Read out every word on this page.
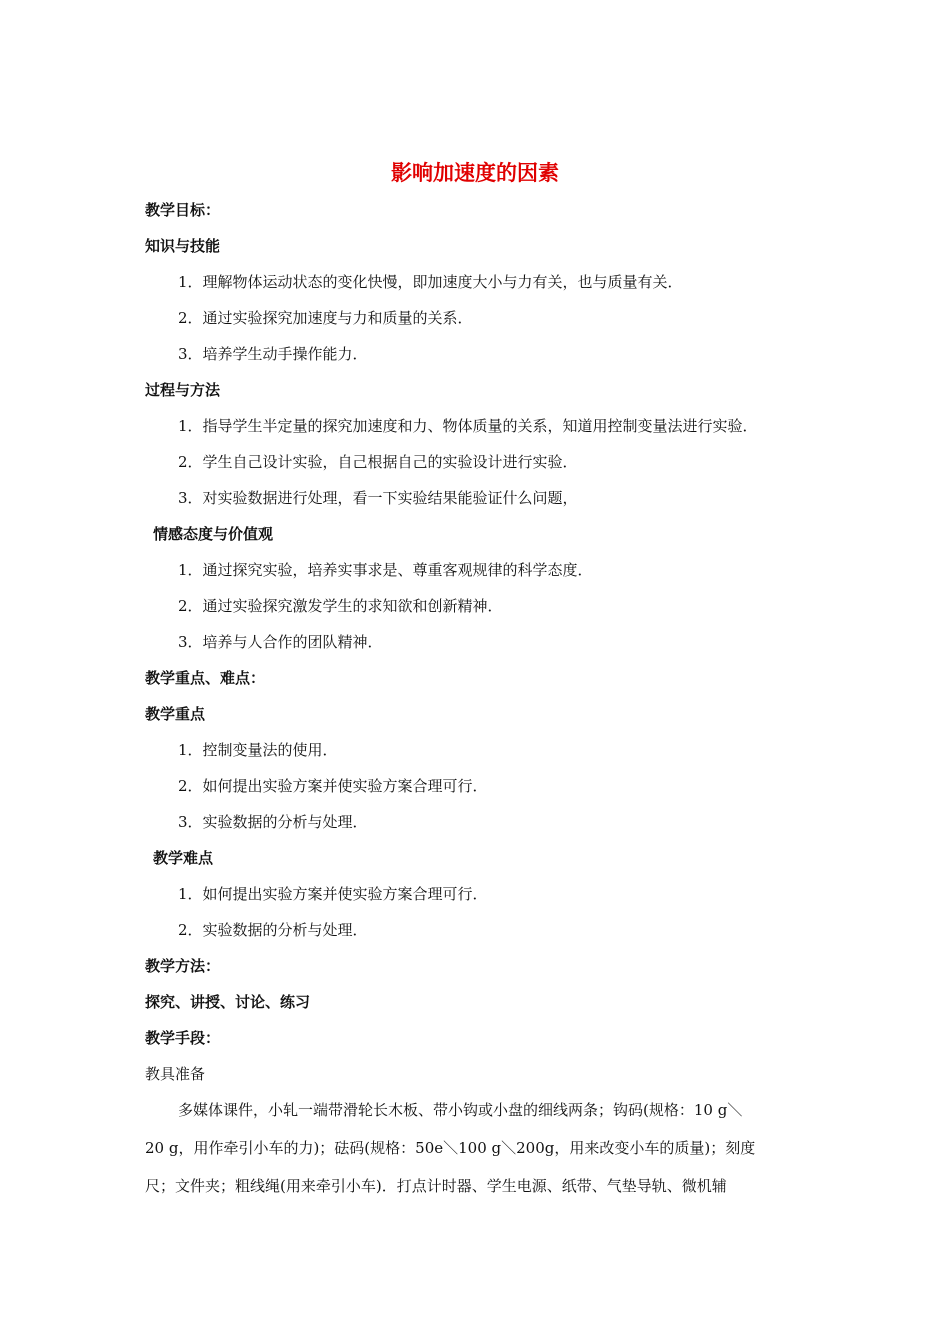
影响加速度的因素
教学目标：
知识与技能
1．理解物体运动状态的变化快慢，即加速度大小与力有关，也与质量有关．
2．通过实验探究加速度与力和质量的关系．
3．培养学生动手操作能力．
过程与方法
1．指导学生半定量的探究加速度和力、物体质量的关系，知道用控制变量法进行实验．
2．学生自己设计实验，自己根据自己的实验设计进行实验．
3．对实验数据进行处理，看一下实验结果能验证什么问题，
情感态度与价值观
1．通过探究实验，培养实事求是、尊重客观规律的科学态度．
2．通过实验探究激发学生的求知欲和创新精神．
3．培养与人合作的团队精神．
教学重点、难点：
教学重点
1．控制变量法的使用．
2．如何提出实验方案并使实验方案合理可行．
3．实验数据的分析与处理．
教学难点
1．如何提出实验方案并使实验方案合理可行．
2．实验数据的分析与处理．
教学方法：
探究、讲授、讨论、练习
教学手段：
教具准备
多媒体课件，小轧一端带滑轮长木板、带小钩或小盘的细线两条；钩码(规格：10 g＼
20 g，用作牵引小车的力)；砝码(规格：50e＼100 g＼200g，用来改变小车的质量)；刻度
尺；文件夹；粗线绳(用来牵引小车)．打点计时器、学生电源、纸带、气垫导轨、微机辅
